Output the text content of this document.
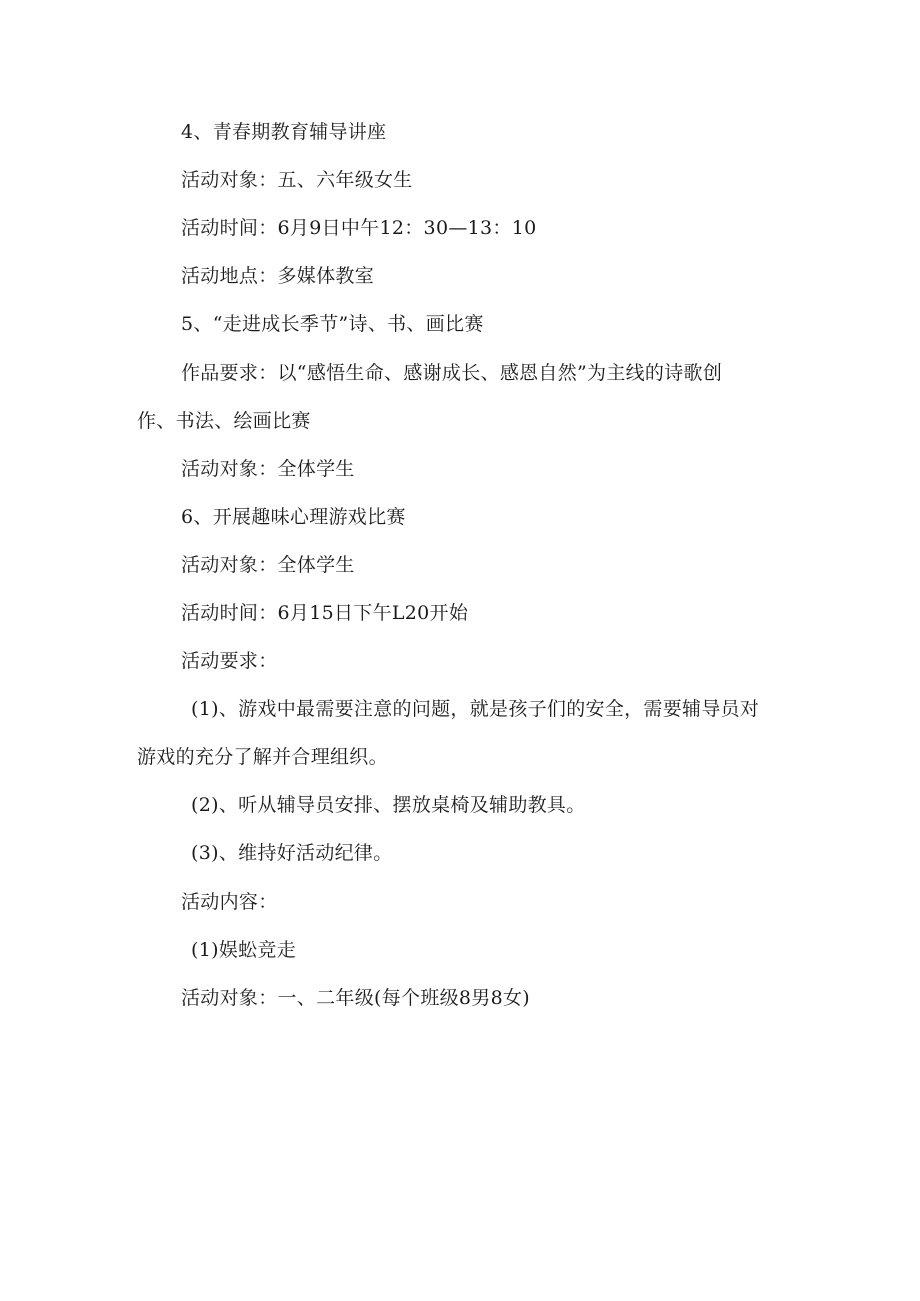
4、青春期教育辅导讲座
活动对象：五、六年级女生
活动时间：6月9日中午12：30—13：10
活动地点：多媒体教室
5、“走进成长季节”诗、书、画比赛
作品要求：以“感悟生命、感谢成长、感恩自然”为主线的诗歌创
作、书法、绘画比赛
活动对象：全体学生
6、开展趣味心理游戏比赛
活动对象：全体学生
活动时间：6月15日下午L20开始
活动要求：
(1)、游戏中最需要注意的问题，就是孩子们的安全，需要辅导员对
游戏的充分了解并合理组织。
(2)、听从辅导员安排、摆放桌椅及辅助教具。
(3)、维持好活动纪律。
活动内容：
(1)娱蚣竞走
活动对象：一、二年级(每个班级8男8女)
